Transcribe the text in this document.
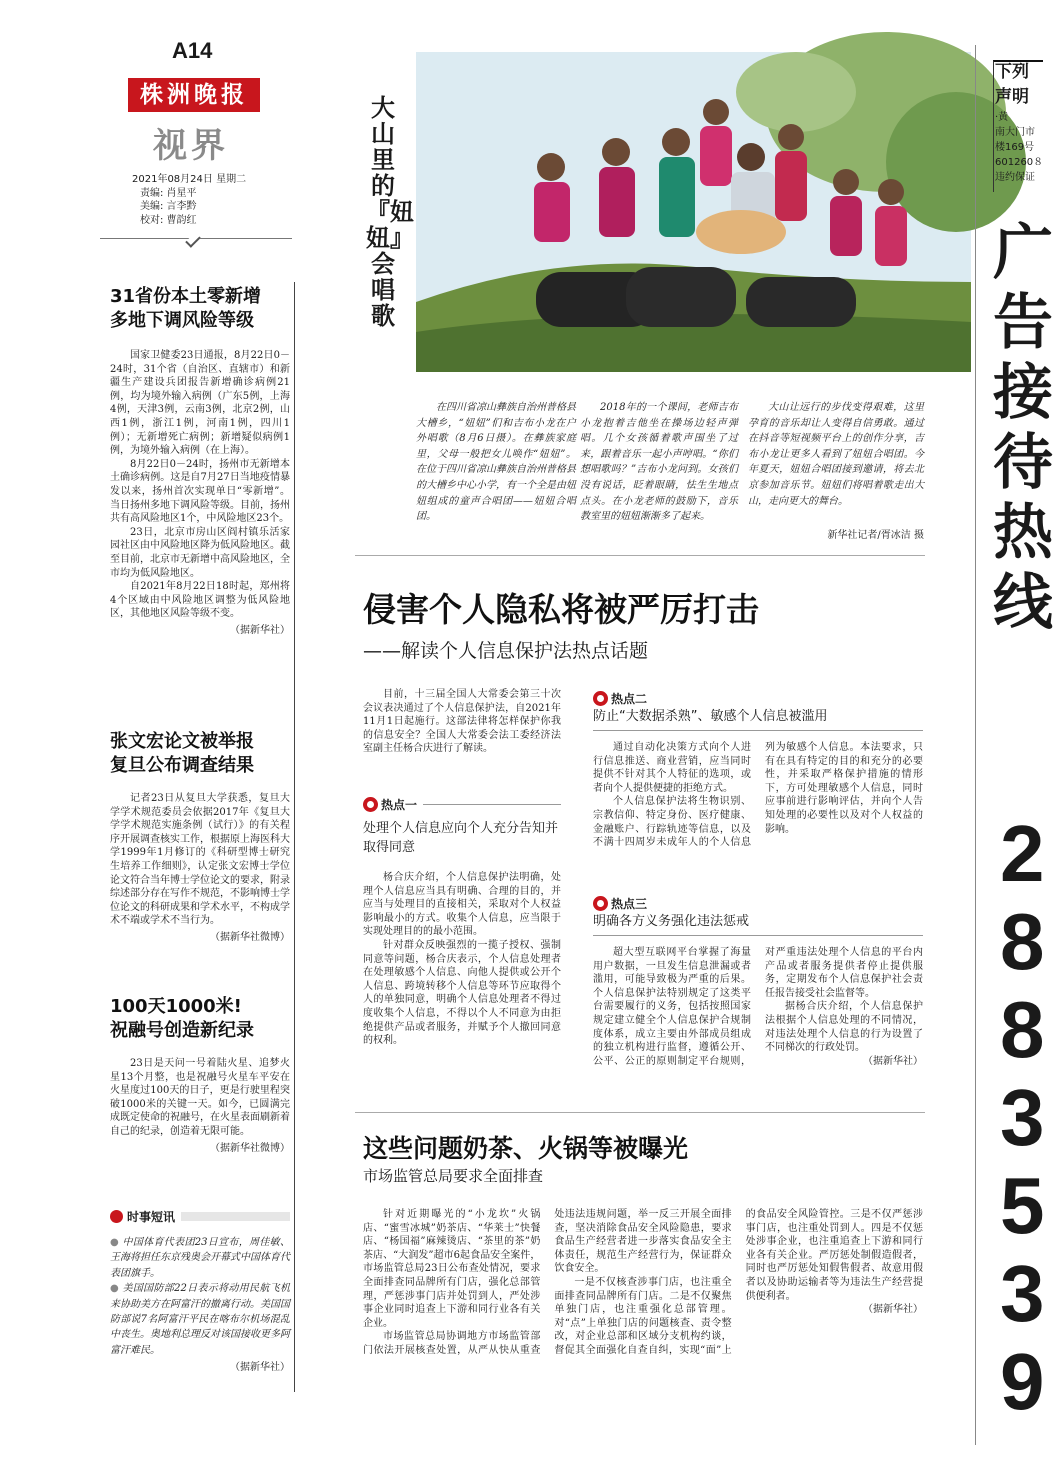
A14
株洲晚报
视界
2021年08月24日 星期二
责编: 肖星平
美编: 言李黔
校对: 曹韵红
31省份本土零新增
多地下调风险等级

国家卫健委23日通报，8月22日0－24时，31个省（自治区、直辖市）和新疆生产建设兵团报告新增确诊病例21例，均为境外输入病例（广东5例，上海4例，天津3例，云南3例，北京2例，山西1例，浙江1例，河南1例，四川1例）；无新增死亡病例；新增疑似病例1例，为境外输入病例（在上海）。

8月22日0－24时，扬州市无新增本土确诊病例。这是自7月27日当地疫情暴发以来，扬州首次实现单日“零新增”。当日扬州多地下调风险等级。目前，扬州共有高风险地区1个，中风险地区23个。

23日，北京市房山区阎村镇乐活家园社区由中风险地区降为低风险地区。截至目前，北京市无新增中高风险地区，全市均为低风险地区。

自2021年8月22日18时起，郑州将4个区域由中风险地区调整为低风险地区，其他地区风险等级不变。

（据新华社）
张文宏论文被举报
复旦公布调查结果

记者23日从复旦大学获悉，复旦大学学术规范委员会依据2017年《复旦大学学术规范实施条例（试行）》的有关程序开展调查核实工作，根据原上海医科大学1999年1月修订的《科研型博士研究生培养工作细则》，认定张文宏博士学位论文符合当年博士学位论文的要求，附录综述部分存在写作不规范，不影响博士学位论文的科研成果和学术水平，不构成学术不端或学术不当行为。

（据新华社微博）
100天1000米!
祝融号创造新纪录

23日是天问一号着陆火星、追梦火星13个月整，也是祝融号火星车平安在火星度过100天的日子，更是行驶里程突破1000米的关键一天。如今，已圆满完成既定使命的祝融号，在火星表面刷新着自己的纪录，创造着无限可能。

（据新华社微博）
时事短讯

● 中国体育代表团23日宣布，周佳敏、王海将担任东京残奥会开幕式中国体育代表团旗手。

● 美国国防部22日表示将动用民航飞机来协助美方在阿富汗的撤离行动。美国国防部说7名阿富汗平民在喀布尔机场混乱中丧生。奥地利总理反对该国接收更多阿富汗难民。

（据新华社）
大山里的『妞妞』会唱歌
在四川省凉山彝族自治州普格县大槽乡，“妞妞”们和吉布小龙在户外唱歌（8月6日摄）。在彝族家庭里，父母一般把女儿唤作“妞妞”。在位于四川省凉山彝族自治州普格县的大槽乡中心小学，有一个全是由妞妞组成的童声合唱团——妞妞合唱团。
2018年的一个课间，老师吉布小龙抱着吉他坐在操场边轻声弹唱。几个女孩循着歌声围坐了过来，跟着音乐一起小声哼唱。“你们想唱歌吗？”吉布小龙问到。女孩们没有说话，眨着眼睛，怯生生地点点头。在小龙老师的鼓励下，音乐教室里的妞妞渐渐多了起来。
大山让远行的步伐变得艰难，这里孕育的音乐却让人变得自信勇敢。通过在抖音等短视频平台上的创作分享，吉布小龙让更多人看到了妞妞合唱团。今年夏天，妞妞合唱团接到邀请，将去北京参加音乐节。妞妞们将唱着歌走出大山，走向更大的舞台。
新华社记者/胥冰洁 摄
侵害个人隐私将被严厉打击
——解读个人信息保护法热点话题

目前，十三届全国人大常委会第三十次会议表决通过了个人信息保护法，自2021年11月1日起施行。这部法律将怎样保护你我的信息安全？全国人大常委会法工委经济法室副主任杨合庆进行了解读。

热点一
处理个人信息应向个人充分告知并取得同意

杨合庆介绍，个人信息保护法明确，处理个人信息应当具有明确、合理的目的，并应当与处理目的直接相关，采取对个人权益影响最小的方式。收集个人信息，应当限于实现处理目的的最小范围。

针对群众反映强烈的一揽子授权、强制同意等问题，杨合庆表示，个人信息处理者在处理敏感个人信息、向他人提供或公开个人信息、跨境转移个人信息等环节应取得个人的单独同意，明确个人信息处理者不得过度收集个人信息，不得以个人不同意为由拒绝提供产品或者服务，并赋予个人撤回同意的权利。

热点二
防止“大数据杀熟”、敏感个人信息被滥用

通过自动化决策方式向个人进行信息推送、商业营销，应当同时提供不针对其个人特征的选项，或者向个人提供便捷的拒绝方式。

个人信息保护法将生物识别、宗教信仰、特定身份、医疗健康、金融账户、行踪轨迹等信息，以及不满十四周岁未成年人的个人信息列为敏感个人信息。本法要求，只有在具有特定的目的和充分的必要性，并采取严格保护措施的情形下，方可处理敏感个人信息，同时应事前进行影响评估，并向个人告知处理的必要性以及对个人权益的影响。

热点三
明确各方义务强化违法惩戒

超大型互联网平台掌握了海量用户数据，一旦发生信息泄漏或者滥用，可能导致极为严重的后果。个人信息保护法特别规定了这类平台需要履行的义务，包括按照国家规定建立健全个人信息保护合规制度体系，成立主要由外部成员组成的独立机构进行监督，遵循公开、公平、公正的原则制定平台规则，对严重违法处理个人信息的平台内产品或者服务提供者停止提供服务，定期发布个人信息保护社会责任报告接受社会监督等。

据杨合庆介绍，个人信息保护法根据个人信息处理的不同情况，对违法处理个人信息的行为设置了不同梯次的行政处罚。

（据新华社）
这些问题奶茶、火锅等被曝光
市场监管总局要求全面排查

针对近期曝光的“小龙坎”火锅店、“蜜雪冰城”奶茶店、“华莱士”快餐店、“杨国福”麻辣烫店、“茶里的茶”奶茶店、“大润发”超市6起食品安全案件，市场监管总局23日公布查处情况，要求全面排查同品牌所有门店，强化总部管理，严惩涉事门店并处罚到人，严处涉事企业同时追查上下游和同行业各有关企业。

市场监管总局协调地方市场监管部门依法开展核查处置，从严从快从重查处违法违规问题，举一反三开展全面排查，坚决消除食品安全风险隐患，要求食品生产经营者进一步落实食品安全主体责任，规范生产经营行为，保证群众饮食安全。

一是不仅核查涉事门店，也注重全面排查同品牌所有门店。二是不仅聚焦单独门店，也注重强化总部管理。对“点”上单独门店的问题核查、责令整改，对企业总部和区域分支机构约谈，督促其全面强化自查自纠，实现“面”上的食品安全风险管控。三是不仅严惩涉事门店，也注重处罚到人。四是不仅惩处涉事企业，也注重追查上下游和同行业各有关企业。严厉惩处制假造假者，同时也严厉惩处知假售假者、故意用假者以及协助运输者等为违法生产经营提供便利者。

（据新华社）
下列
声明
·黄
南大门市
楼169号
601260８
违约保证
广
告
接
待
热
线
2
8
8
3
5
3
9
